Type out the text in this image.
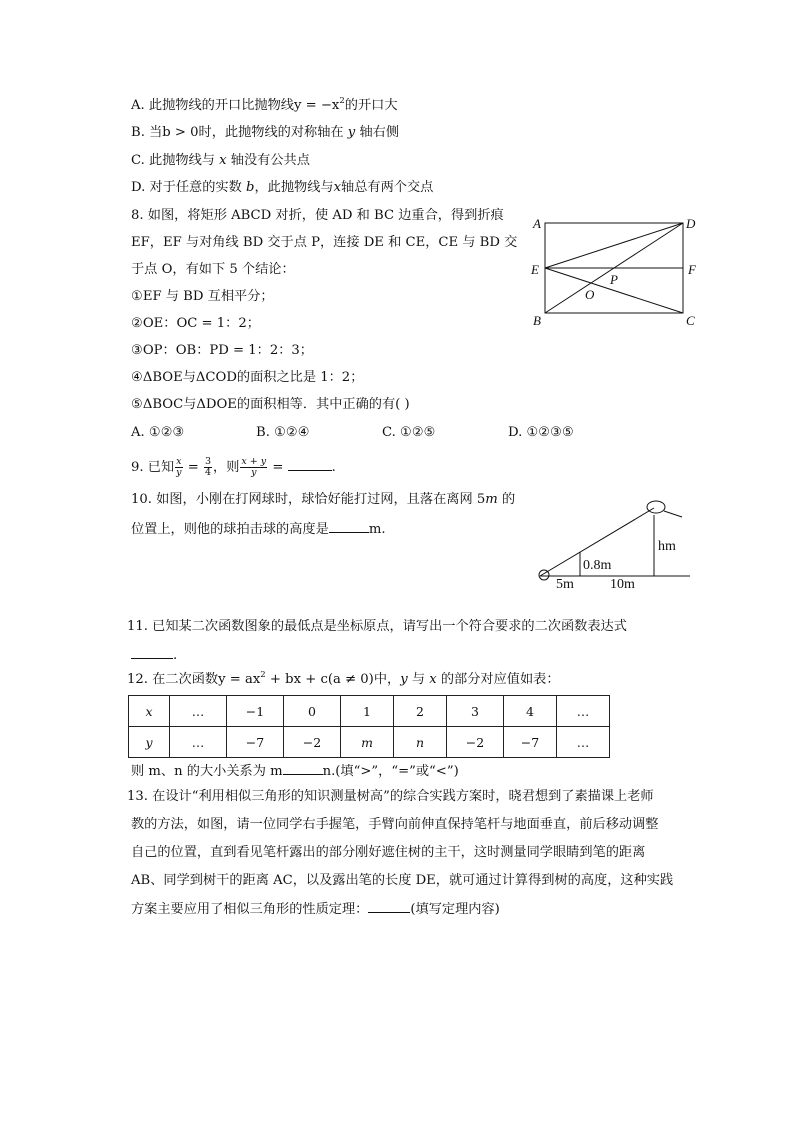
A. 此抛物线的开口比抛物线$y = -x^2$的开口大
B. 当b > 0时，此抛物线的对称轴在 y 轴右侧
C. 此抛物线与 x 轴没有公共点
D. 对于任意的实数 b，此抛物线与x轴总有两个交点
8. 如图，将矩形 ABCD 对折，使 AD 和 BC 边重合，得到折痕
EF，EF 与对角线 BD 交于点 P，连接 DE 和 CE，CE 与 BD 交
于点 O，有如下 5 个结论：
①EF 与 BD 互相平分；
②OE：OC = 1：2；
③OP：OB：PD = 1：2：3；
④ΔBOE与ΔCOD的面积之比是 1：2；
⑤ΔBOC与ΔDOE的面积相等．其中正确的有( )
A. ①②③	B. ①②④	C. ①②⑤	D. ①②③⑤
A	D
E	F
B	C
P
O
9. 已知 $\frac{x}{y} = \frac{3}{4}$ ，则 $\frac{x + y}{y}$ =	.
10. 如图，小刚在打网球时，球恰好能打过网，且落在离网 5m 的
位置上，则他的球拍击球的高度是	m.
hm
0.8m
5m	10m
11. 已知某二次函数图象的最低点是坐标原点，请写出一个符合要求的二次函数表达式
.
12. 在二次函数$y = ax^2$ + bx + c(a ≠ 0)中，y 与 x 的部分对应值如表：
x	…	−1	0	1	2	3	4	…
y	…	−7	−2	m	n	−2	−7	…
则 m、n 的大小关系为 m	n.(填“>”，“=”或“<”)
13. 在设计“利用相似三角形的知识测量树高”的综合实践方案时，晓君想到了素描课上老师
教的方法，如图，请一位同学右手握笔，手臂向前伸直保持笔杆与地面垂直，前后移动调整
自己的位置，直到看见笔杆露出的部分刚好遮住树的主干，这时测量同学眼睛到笔的距离
AB、同学到树干的距离 AC，以及露出笔的长度 DE，就可通过计算得到树的高度，这种实践
方案主要应用了相似三角形的性质定理：	(填写定理内容)
